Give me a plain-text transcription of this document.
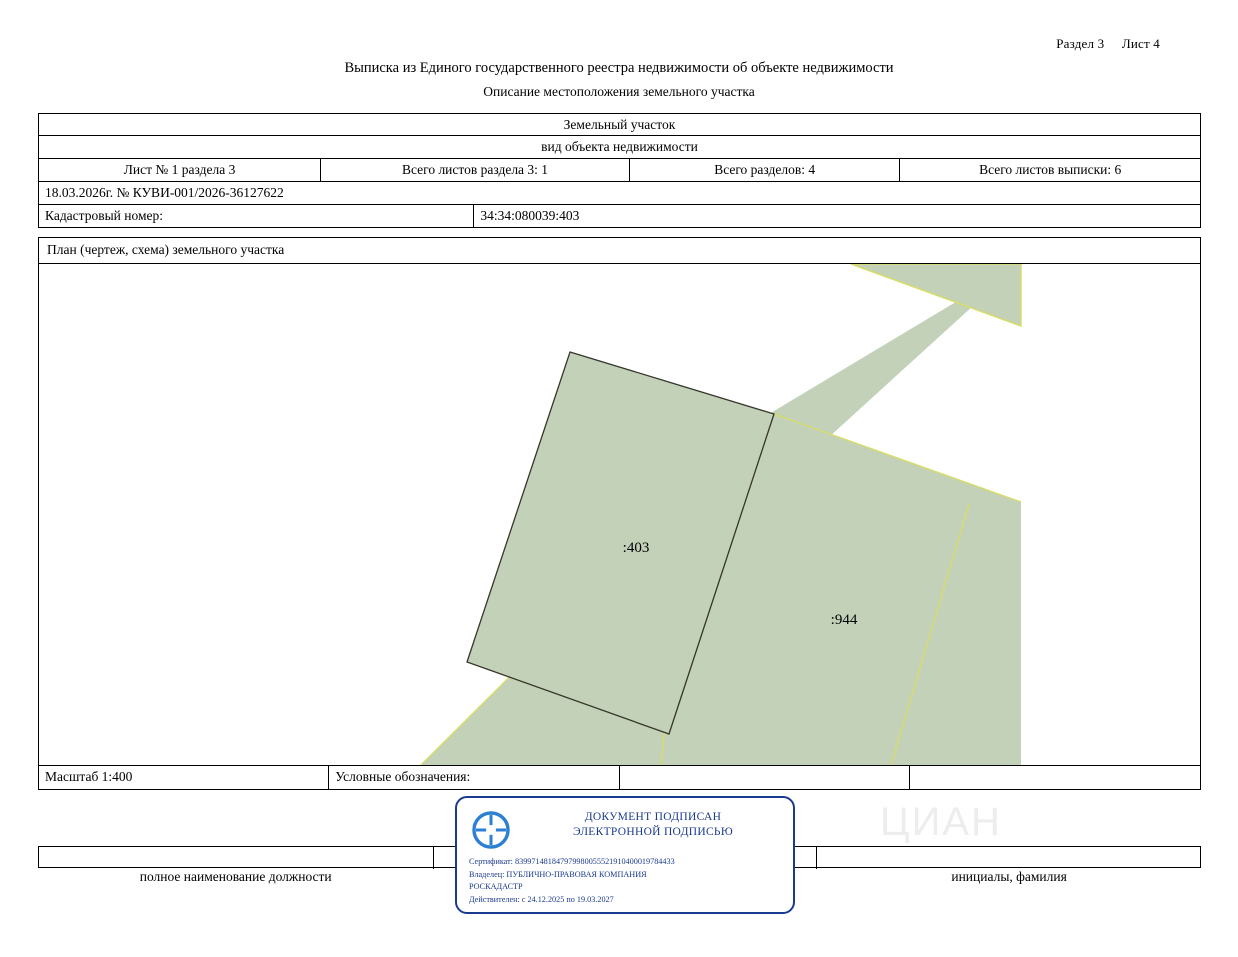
Раздел 3 Лист 4
Выписка из Единого государственного реестра недвижимости об объекте недвижимости
Описание местоположения земельного участка
Земельный участок
вид объекта недвижимости
Лист № 1 раздела 3	Всего листов раздела 3: 1	Всего разделов: 4	Всего листов выписки: 6
18.03.2026г. № КУВИ-001/2026-36127622
Кадастровый номер:	34:34:080039:403
План (чертеж, схема) земельного участка
:403
:944
Масштаб 1:400	Условные обозначения:
полное наименование должности	инициалы, фамилия
ЦИАН
ДОКУМЕНТ ПОДПИСАН
ЭЛЕКТРОННОЙ ПОДПИСЬЮ
Сертификат: 839971481847979980055521910400019784433
Владелец: ПУБЛИЧНО-ПРАВОВАЯ КОМПАНИЯ
РОСКАДАСТР
Действителен: с 24.12.2025 по 19.03.2027
